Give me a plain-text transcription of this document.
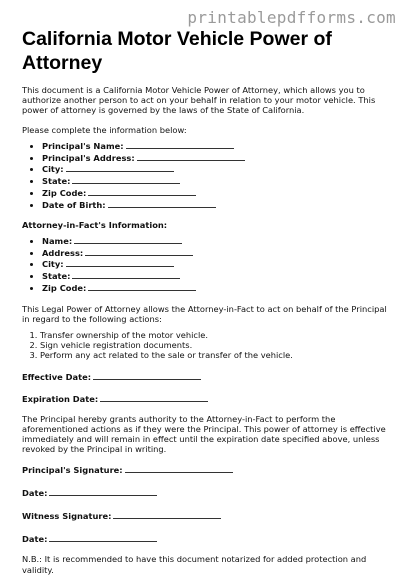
printablepdfforms.com
California Motor Vehicle Power of Attorney

This document is a California Motor Vehicle Power of Attorney, which allows you to authorize another person to act on your behalf in relation to your motor vehicle. This power of attorney is governed by the laws of the State of California.

Please complete the information below:

• Principal's Name:
• Principal's Address:
• City:
• State:
• Zip Code:
• Date of Birth:

Attorney-in-Fact's Information:

• Name:
• Address:
• City:
• State:
• Zip Code:

This Legal Power of Attorney allows the Attorney-in-Fact to act on behalf of the Principal in regard to the following actions:

1. Transfer ownership of the motor vehicle.
2. Sign vehicle registration documents.
3. Perform any act related to the sale or transfer of the vehicle.

Effective Date:

Expiration Date:

The Principal hereby grants authority to the Attorney-in-Fact to perform the aforementioned actions as if they were the Principal. This power of attorney is effective immediately and will remain in effect until the expiration date specified above, unless revoked by the Principal in writing.

Principal's Signature:

Date:

Witness Signature:

Date:

N.B.: It is recommended to have this document notarized for added protection and validity.
